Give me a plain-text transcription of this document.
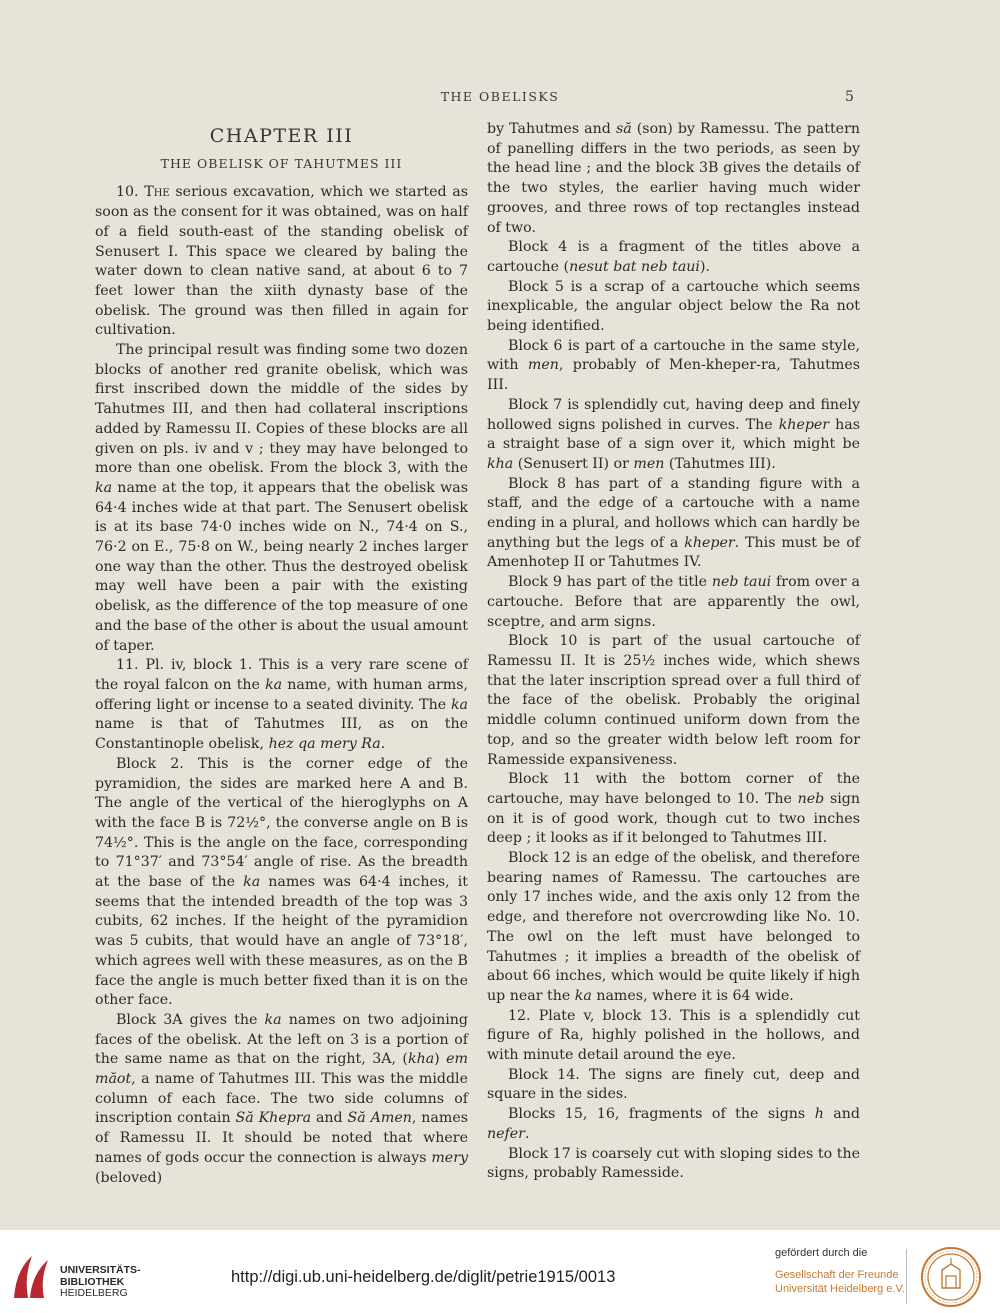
THE OBELISKS	5
CHAPTER III
THE OBELISK OF TAHUTMES III

10. The serious excavation, which we started as soon as the consent for it was obtained, was on half of a field south-east of the standing obelisk of Senusert I. This space we cleared by baling the water down to clean native sand, at about 6 to 7 feet lower than the xiith dynasty base of the obelisk. The ground was then filled in again for cultivation.

The principal result was finding some two dozen blocks of another red granite obelisk, which was first inscribed down the middle of the sides by Tahutmes III, and then had collateral inscriptions added by Ramessu II. Copies of these blocks are all given on pls. iv and v ; they may have belonged to more than one obelisk. From the block 3, with the ka name at the top, it appears that the obelisk was 64·4 inches wide at that part. The Senusert obelisk is at its base 74·0 inches wide on N., 74·4 on S., 76·2 on E., 75·8 on W., being nearly 2 inches larger one way than the other. Thus the destroyed obelisk may well have been a pair with the existing obelisk, as the difference of the top measure of one and the base of the other is about the usual amount of taper.

11. Pl. iv, block 1. This is a very rare scene of the royal falcon on the ka name, with human arms, offering light or incense to a seated divinity. The ka name is that of Tahutmes III, as on the Constantinople obelisk, hez qa mery Ra.

Block 2. This is the corner edge of the pyramidion, the sides are marked here A and B. The angle of the vertical of the hieroglyphs on A with the face B is 72½°, the converse angle on B is 74½°. This is the angle on the face, corresponding to 71°37′ and 73°54′ angle of rise. As the breadth at the base of the ka names was 64·4 inches, it seems that the intended breadth of the top was 3 cubits, 62 inches. If the height of the pyramidion was 5 cubits, that would have an angle of 73°18′, which agrees well with these measures, as on the B face the angle is much better fixed than it is on the other face.

Block 3A gives the ka names on two adjoining faces of the obelisk. At the left on 3 is a portion of the same name as that on the right, 3A, (kha) em măot, a name of Tahutmes III. This was the middle column of each face. The two side columns of inscription contain Să Khepra and Să Amen, names of Ramessu II. It should be noted that where names of gods occur the connection is always mery (beloved)

by Tahutmes and să (son) by Ramessu. The pattern of panelling differs in the two periods, as seen by the head line ; and the block 3B gives the details of the two styles, the earlier having much wider grooves, and three rows of top rectangles instead of two.

Block 4 is a fragment of the titles above a cartouche (nesut bat neb taui).

Block 5 is a scrap of a cartouche which seems inexplicable, the angular object below the Ra not being identified.

Block 6 is part of a cartouche in the same style, with men, probably of Men-kheper-ra, Tahutmes III.

Block 7 is splendidly cut, having deep and finely hollowed signs polished in curves. The kheper has a straight base of a sign over it, which might be kha (Senusert II) or men (Tahutmes III).

Block 8 has part of a standing figure with a staff, and the edge of a cartouche with a name ending in a plural, and hollows which can hardly be anything but the legs of a kheper. This must be of Amenhotep II or Tahutmes IV.

Block 9 has part of the title neb taui from over a cartouche. Before that are apparently the owl, sceptre, and arm signs.

Block 10 is part of the usual cartouche of Ramessu II. It is 25½ inches wide, which shews that the later inscription spread over a full third of the face of the obelisk. Probably the original middle column continued uniform down from the top, and so the greater width below left room for Ramesside expansiveness.

Block 11 with the bottom corner of the cartouche, may have belonged to 10. The neb sign on it is of good work, though cut to two inches deep ; it looks as if it belonged to Tahutmes III.

Block 12 is an edge of the obelisk, and therefore bearing names of Ramessu. The cartouches are only 17 inches wide, and the axis only 12 from the edge, and therefore not overcrowding like No. 10. The owl on the left must have belonged to Tahutmes ; it implies a breadth of the obelisk of about 66 inches, which would be quite likely if high up near the ka names, where it is 64 wide.

12. Plate v, block 13. This is a splendidly cut figure of Ra, highly polished in the hollows, and with minute detail around the eye.

Block 14. The signs are finely cut, deep and square in the sides.

Blocks 15, 16, fragments of the signs h and nefer.

Block 17 is coarsely cut with sloping sides to the signs, probably Ramesside.

UNIVERSITÄTS-
BIBLIOTHEK
HEIDELBERG
http://digi.ub.uni-heidelberg.de/diglit/petrie1915/0013
gefördert durch die
Gesellschaft der Freunde
Universität Heidelberg e.V.
